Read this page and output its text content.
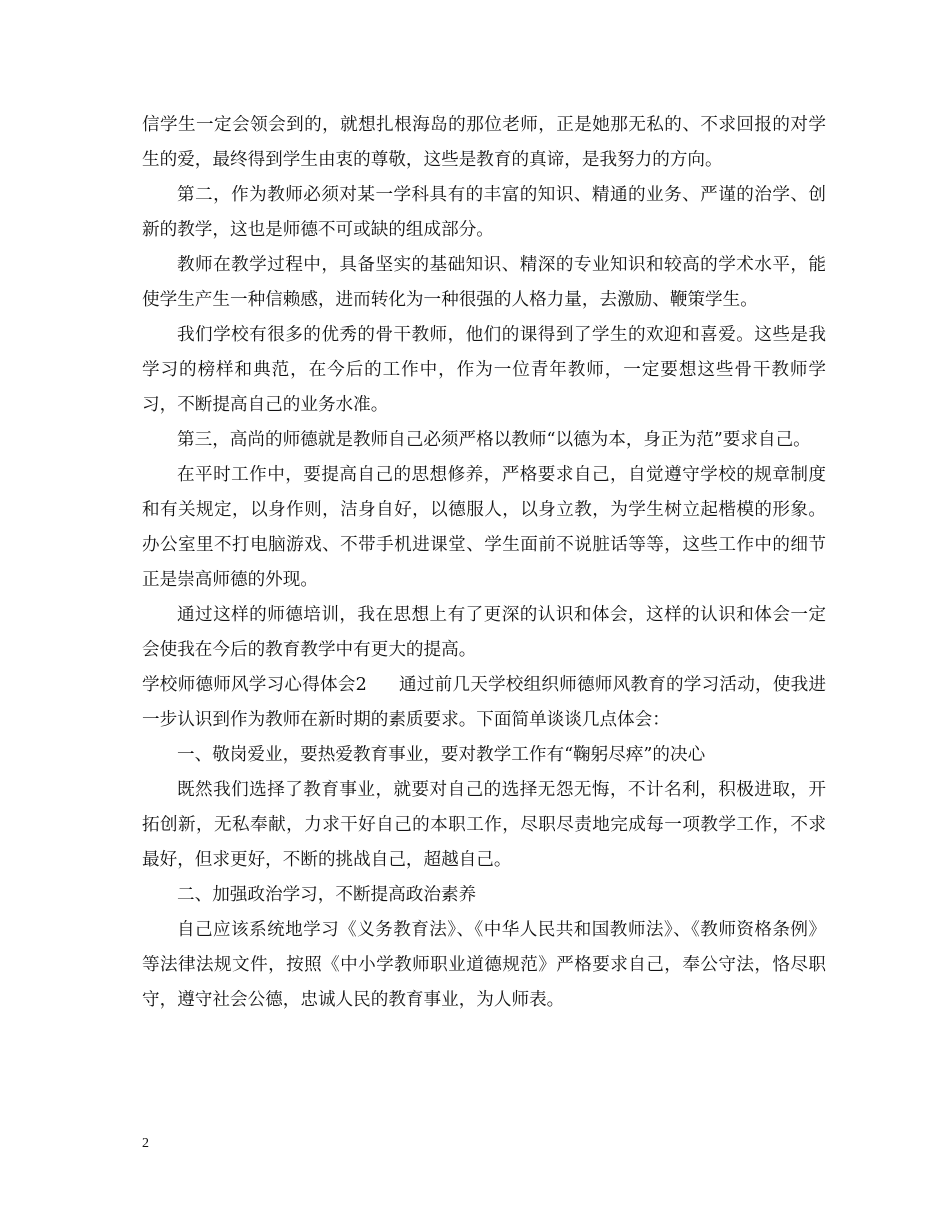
信学生一定会领会到的，就想扎根海岛的那位老师，正是她那无私的、不求回报的对学生的爱，最终得到学生由衷的尊敬，这些是教育的真谛，是我努力的方向。

第二，作为教师必须对某一学科具有的丰富的知识、精通的业务、严谨的治学、创新的教学，这也是师德不可或缺的组成部分。

教师在教学过程中，具备坚实的基础知识、精深的专业知识和较高的学术水平，能使学生产生一种信赖感，进而转化为一种很强的人格力量，去激励、鞭策学生。

我们学校有很多的优秀的骨干教师，他们的课得到了学生的欢迎和喜爱。这些是我学习的榜样和典范，在今后的工作中，作为一位青年教师，一定要想这些骨干教师学习，不断提高自己的业务水准。

第三，高尚的师德就是教师自己必须严格以教师“以德为本，身正为范”要求自己。

在平时工作中，要提高自己的思想修养，严格要求自己，自觉遵守学校的规章制度和有关规定，以身作则，洁身自好，以德服人，以身立教，为学生树立起楷模的形象。办公室里不打电脑游戏、不带手机进课堂、学生面前不说脏话等等，这些工作中的细节正是崇高师德的外现。

通过这样的师德培训，我在思想上有了更深的认识和体会，这样的认识和体会一定会使我在今后的教育教学中有更大的提高。

学校师德师风学习心得体会2 通过前几天学校组织师德师风教育的学习活动，使我进一步认识到作为教师在新时期的素质要求。下面简单谈谈几点体会：

一、敬岗爱业，要热爱教育事业，要对教学工作有“鞠躬尽瘁”的决心

既然我们选择了教育事业，就要对自己的选择无怨无悔，不计名利，积极进取，开拓创新，无私奉献，力求干好自己的本职工作，尽职尽责地完成每一项教学工作，不求最好，但求更好，不断的挑战自己，超越自己。

二、加强政治学习，不断提高政治素养

自己应该系统地学习《义务教育法》、《中华人民共和国教师法》、《教师资格条例》等法律法规文件，按照《中小学教师职业道德规范》严格要求自己，奉公守法，恪尽职守，遵守社会公德，忠诚人民的教育事业，为人师表。

2
